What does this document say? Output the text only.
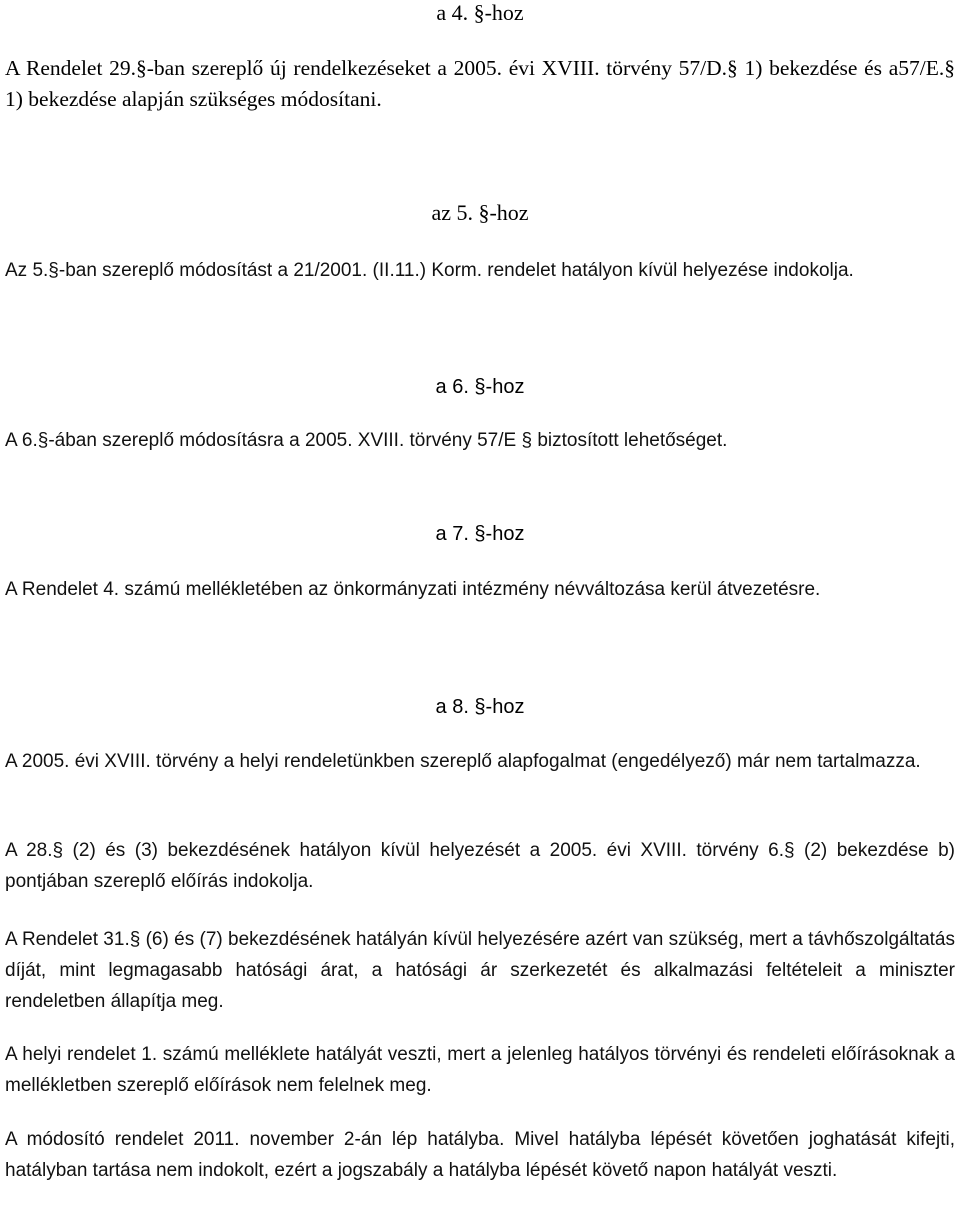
a 4. §-hoz

A Rendelet 29.§-ban szereplő új rendelkezéseket a 2005. évi XVIII. törvény 57/D.§ 1) bekezdése és a57/E.§ 1) bekezdése alapján szükséges módosítani.

az 5. §-hoz

Az 5.§-ban szereplő módosítást a 21/2001. (II.11.) Korm. rendelet hatályon kívül helyezése indokolja.

a 6. §-hoz

A 6.§-ában szereplő módosításra a 2005. XVIII. törvény 57/E § biztosított lehetőséget.

a 7. §-hoz

A Rendelet 4. számú mellékletében az önkormányzati intézmény névváltozása kerül átvezetésre.

a 8. §-hoz

A 2005. évi XVIII. törvény a helyi rendeletünkben szereplő alapfogalmat (engedélyező) már nem tartalmazza.

A 28.§ (2) és (3) bekezdésének hatályon kívül helyezését a 2005. évi XVIII. törvény 6.§ (2) bekezdése b) pontjában szereplő előírás indokolja.

A Rendelet 31.§ (6) és (7) bekezdésének hatályán kívül helyezésére azért van szükség, mert a távhőszolgáltatás díját, mint legmagasabb hatósági árat, a hatósági ár szerkezetét és alkalmazási feltételeit a miniszter rendeletben állapítja meg.

A helyi rendelet 1. számú melléklete hatályát veszti, mert a jelenleg hatályos törvényi és rendeleti előírásoknak a mellékletben szereplő előírások nem felelnek meg.

A módosító rendelet 2011. november 2-án lép hatályba. Mivel hatályba lépését követően joghatását kifejti, hatályban tartása nem indokolt, ezért a jogszabály a hatályba lépését követő napon hatályát veszti.
